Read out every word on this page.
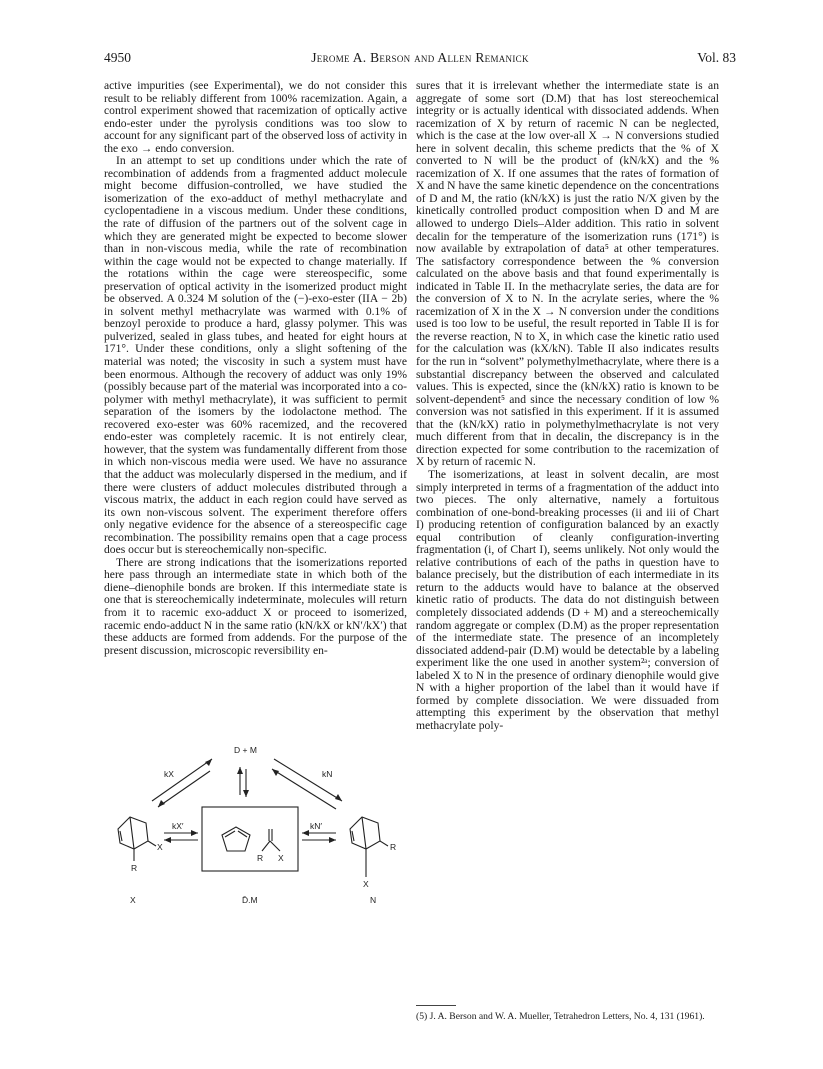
4950	Jerome A. Berson and Allen Remanick	Vol. 83

active impurities (see Experimental), we do not consider this result to be reliably different from 100% racemization. Again, a control experiment showed that racemization of optically active endo-ester under the pyrolysis conditions was too slow to account for any significant part of the observed loss of activity in the exo → endo conversion.

In an attempt to set up conditions under which the rate of recombination of addends from a fragmented adduct molecule might become diffusion-controlled, we have studied the isomerization of the exo-adduct of methyl methacrylate and cyclopentadiene in a viscous medium. Under these conditions, the rate of diffusion of the partners out of the solvent cage in which they are generated might be expected to become slower than in non-viscous media, while the rate of recombination within the cage would not be expected to change materially. If the rotations within the cage were stereospecific, some preservation of optical activity in the isomerized product might be observed. A 0.324 M solution of the (−)-exo-ester (IIA − 2b) in solvent methyl methacrylate was warmed with 0.1% of benzoyl peroxide to produce a hard, glassy polymer. This was pulverized, sealed in glass tubes, and heated for eight hours at 171°. Under these conditions, only a slight softening of the material was noted; the viscosity in such a system must have been enormous. Although the recovery of adduct was only 19% (possibly because part of the material was incorporated into a co-polymer with methyl methacrylate), it was sufficient to permit separation of the isomers by the iodolactone method. The recovered exo-ester was 60% racemized, and the recovered endo-ester was completely racemic. It is not entirely clear, however, that the system was fundamentally different from those in which non-viscous media were used. We have no assurance that the adduct was molecularly dispersed in the medium, and if there were clusters of adduct molecules distributed through a viscous matrix, the adduct in each region could have served as its own non-viscous solvent. The experiment therefore offers only negative evidence for the absence of a stereospecific cage recombination. The possibility remains open that a cage process does occur but is stereochemically non-specific.

There are strong indications that the isomerizations reported here pass through an intermediate state in which both of the diene–dienophile bonds are broken. If this intermediate state is one that is stereochemically indeterminate, molecules will return from it to racemic exo-adduct X or proceed to isomerized, racemic endo-adduct N in the same ratio (kN/kX or kN′/kX′) that these adducts are formed from addends. For the purpose of the present discussion, microscopic reversibility en-

D + M
kX	kN
kX′	kN′
R
X
R X
R
X
X	D̄.M	N

sures that it is irrelevant whether the intermediate state is an aggregate of some sort (D.M) that has lost stereochemical integrity or is actually identical with dissociated addends. When racemization of X by return of racemic N can be neglected, which is the case at the low over-all X → N conversions studied here in solvent decalin, this scheme predicts that the % of X converted to N will be the product of (kN/kX) and the % racemization of X. If one assumes that the rates of formation of X and N have the same kinetic dependence on the concentrations of D and M, the ratio (kN/kX) is just the ratio N/X given by the kinetically controlled product composition when D and M are allowed to undergo Diels–Alder addition. This ratio in solvent decalin for the temperature of the isomerization runs (171°) is now available by extrapolation of data⁵ at other temperatures. The satisfactory correspondence between the % conversion calculated on the above basis and that found experimentally is indicated in Table II. In the methacrylate series, the data are for the conversion of X to N. In the acrylate series, where the % racemization of X in the X → N conversion under the conditions used is too low to be useful, the result reported in Table II is for the reverse reaction, N to X, in which case the kinetic ratio used for the calculation was (kX/kN). Table II also indicates results for the run in “solvent” polymethylmethacrylate, where there is a substantial discrepancy between the observed and calculated values. This is expected, since the (kN/kX) ratio is known to be solvent-dependent⁵ and since the necessary condition of low % conversion was not satisfied in this experiment. If it is assumed that the (kN/kX) ratio in polymethylmethacrylate is not very much different from that in decalin, the discrepancy is in the direction expected for some contribution to the racemization of X by return of racemic N.

The isomerizations, at least in solvent decalin, are most simply interpreted in terms of a fragmentation of the adduct into two pieces. The only alternative, namely a fortuitous combination of one-bond-breaking processes (ii and iii of Chart I) producing retention of configuration balanced by an exactly equal contribution of cleanly configuration-inverting fragmentation (i, of Chart I), seems unlikely. Not only would the relative contributions of each of the paths in question have to balance precisely, but the distribution of each intermediate in its return to the adducts would have to balance at the observed kinetic ratio of products. The data do not distinguish between completely dissociated addends (D + M) and a stereochemically random aggregate or complex (D.M) as the proper representation of the intermediate state. The presence of an incompletely dissociated addend-pair (D.M) would be detectable by a labeling experiment like the one used in another system²ᵃ; conversion of labeled X to N in the presence of ordinary dienophile would give N with a higher proportion of the label than it would have if formed by complete dissociation. We were dissuaded from attempting this experiment by the observation that methyl methacrylate poly-

(5) J. A. Berson and W. A. Mueller, Tetrahedron Letters, No. 4, 131 (1961).
